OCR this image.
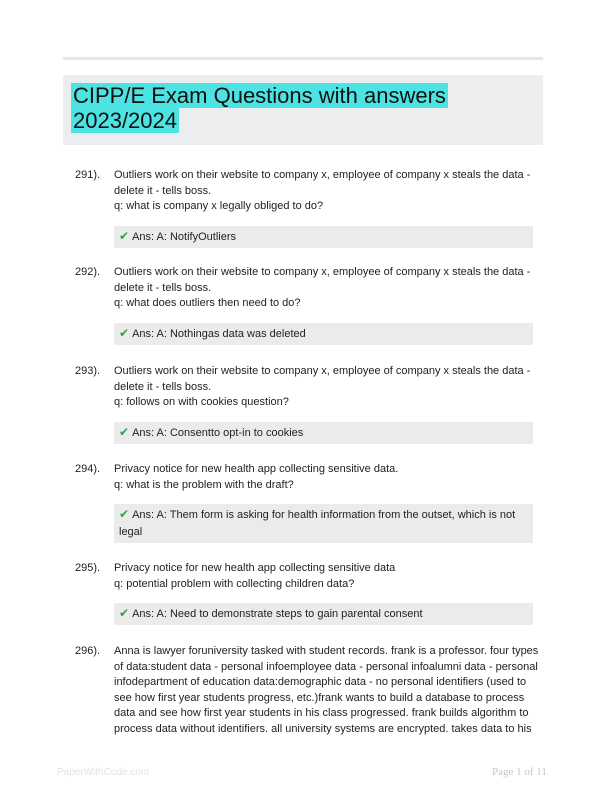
CIPP/E Exam Questions with answers 2023/2024
291).	Outliers work on their website to company x, employee of company x steals the data -
delete it - tells boss.
q: what is company x legally obliged to do?
✔ Ans: A: NotifyOutliers
292).	Outliers work on their website to company x, employee of company x steals the data -
delete it - tells boss.
q: what does outliers then need to do?
✔ Ans: A: Nothingas data was deleted
293).	Outliers work on their website to company x, employee of company x steals the data -
delete it - tells boss.
q: follows on with cookies question?
✔ Ans: A: Consentto opt-in to cookies
294).	Privacy notice for new health app collecting sensitive data.
q: what is the problem with the draft?
✔ Ans: A: Them form is asking for health information from the outset, which is not legal
295).	Privacy notice for new health app collecting sensitive data
q: potential problem with collecting children data?
✔ Ans: A: Need to demonstrate steps to gain parental consent
296).	Anna is lawyer foruniversity tasked with student records. frank is a professor. four types
of data:student data - personal infoemployee data - personal infoalumni data - personal
infodepartment of education data:demographic data - no personal identifiers (used to
see how first year students progress, etc.)frank wants to build a database to process
data and see how first year students in his class progressed. frank builds algorithm to
process data without identifiers. all university systems are encrypted. takes data to his
PaperWithCode.com	Page 1 of 11
